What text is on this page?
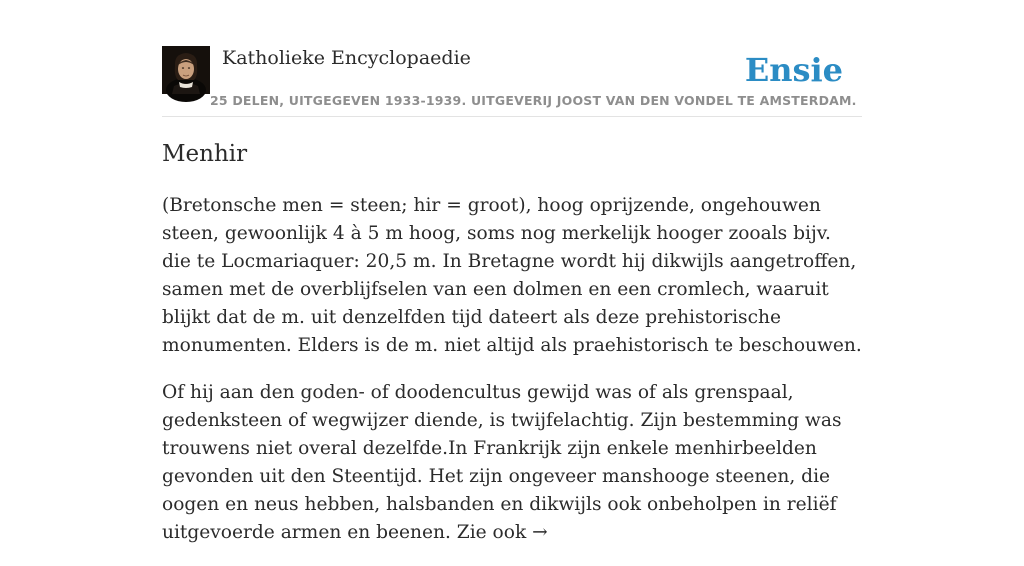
Katholieke Encyclopaedie
25 DELEN, UITGEGEVEN 1933-1939. UITGEVERIJ JOOST VAN DEN VONDEL TE AMSTERDAM.
Ensie
Menhir

(Bretonsche men = steen; hir = groot), hoog oprijzende, ongehouwen steen, gewoonlijk 4 à 5 m hoog, soms nog merkelijk hooger zooals bijv. die te Locmariaquer: 20,5 m. In Bretagne wordt hij dikwijls aangetroffen, samen met de overblijfselen van een dolmen en een cromlech, waaruit blijkt dat de m. uit denzelfden tijd dateert als deze prehistorische monumenten. Elders is de m. niet altijd als praehistorisch te beschouwen.

Of hij aan den goden- of doodencultus gewijd was of als grenspaal, gedenksteen of wegwijzer diende, is twijfelachtig. Zijn bestemming was trouwens niet overal dezelfde.In Frankrijk zijn enkele menhirbeelden gevonden uit den Steentijd. Het zijn ongeveer manshooge steenen, die oogen en neus hebben, halsbanden en dikwijls ook onbeholpen in reliëf uitgevoerde armen en beenen. Zie ook →
